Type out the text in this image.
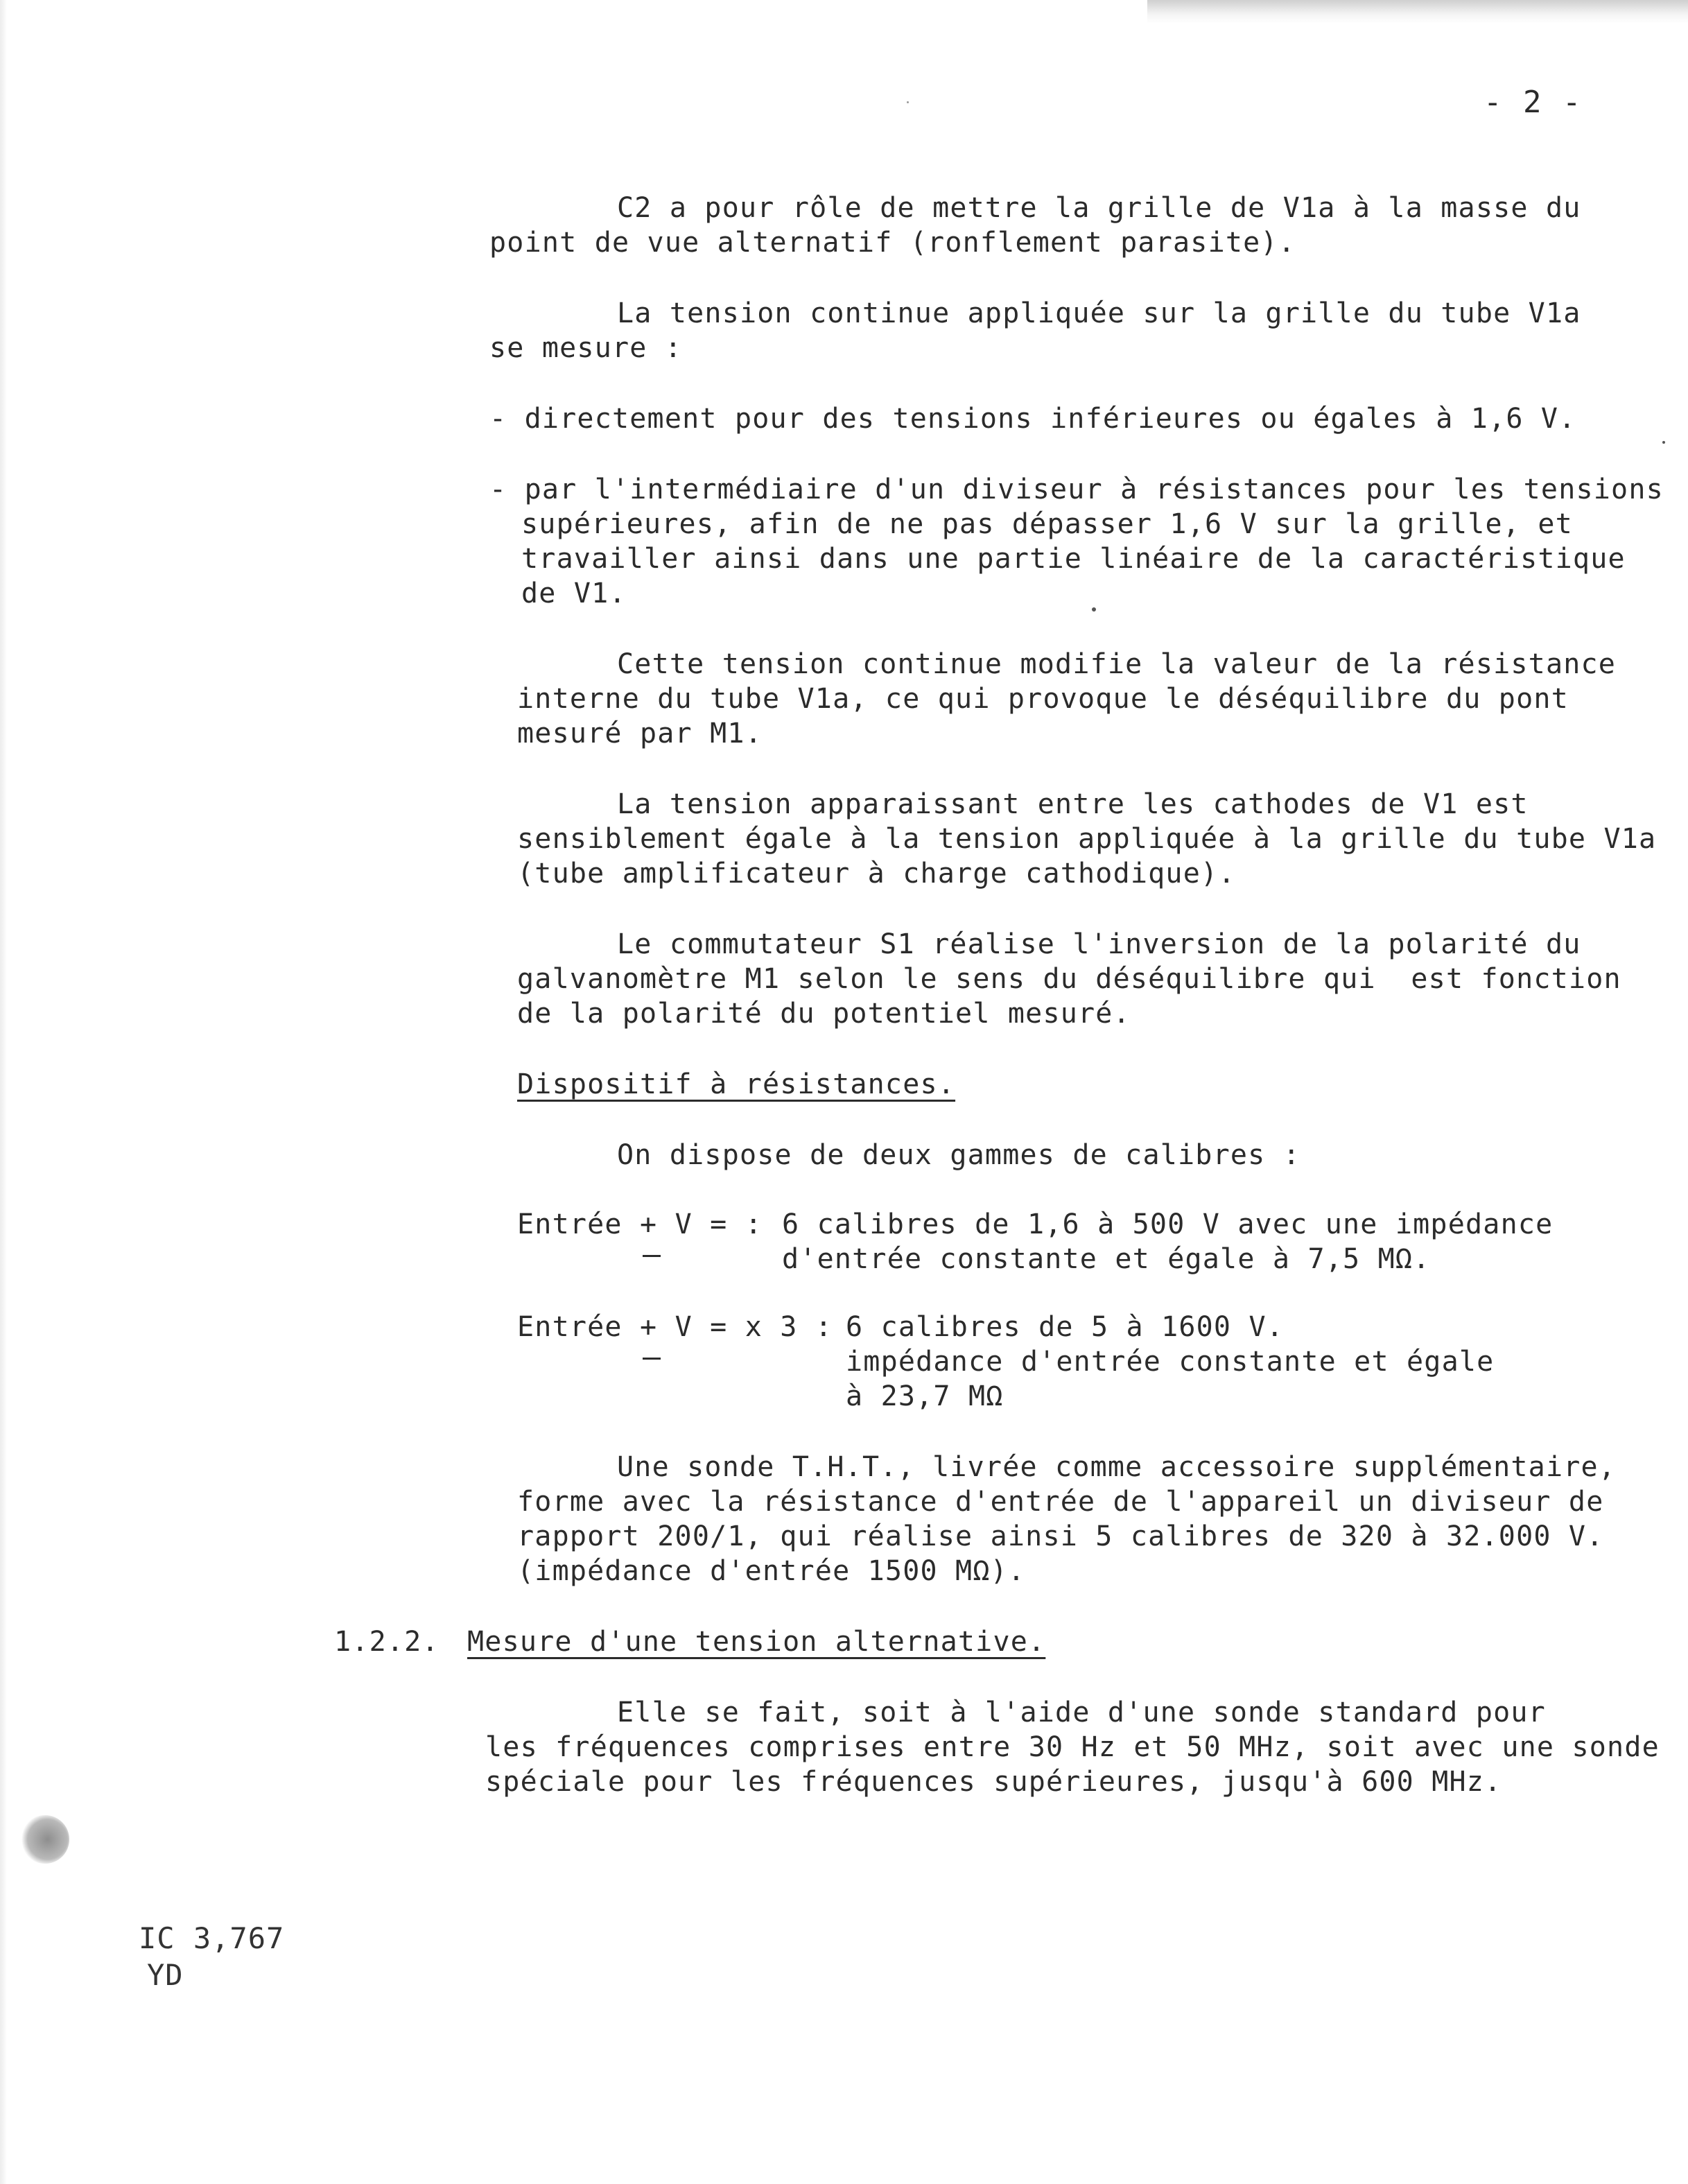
- 2 -
C2 a pour rôle de mettre la grille de V1a à la masse du
point de vue alternatif (ronflement parasite).
La tension continue appliquée sur la grille du tube V1a
se mesure :
- directement pour des tensions inférieures ou égales à 1,6 V.
- par l'intermédiaire d'un diviseur à résistances pour les tensions
supérieures, afin de ne pas dépasser 1,6 V sur la grille, et
travailler ainsi dans une partie linéaire de la caractéristique
de V1.
Cette tension continue modifie la valeur de la résistance
interne du tube V1a, ce qui provoque le déséquilibre du pont
mesuré par M1.
La tension apparaissant entre les cathodes de V1 est
sensiblement égale à la tension appliquée à la grille du tube V1a
(tube amplificateur à charge cathodique).
Le commutateur S1 réalise l'inversion de la polarité du
galvanomètre M1 selon le sens du déséquilibre qui  est fonction
de la polarité du potentiel mesuré.
Dispositif à résistances.
On dispose de deux gammes de calibres :
Entrée +
V = : 6 calibres de 1,6 à 500 V avec une impédance
d'entrée constante et égale à 7,5 MΩ.
Entrée +
V = x 3 : 6 calibres de 5 à 1600 V.
impédance d'entrée constante et égale
à 23,7 MΩ
Une sonde T.H.T., livrée comme accessoire supplémentaire,
forme avec la résistance d'entrée de l'appareil un diviseur de
rapport 200/1, qui réalise ainsi 5 calibres de 320 à 32.000 V.
(impédance d'entrée 1500 MΩ).
1.2.2. Mesure d'une tension alternative.
Elle se fait, soit à l'aide d'une sonde standard pour
les fréquences comprises entre 30 Hz et 50 MHz, soit avec une sonde
spéciale pour les fréquences supérieures, jusqu'à 600 MHz.
IC 3,767
YD
